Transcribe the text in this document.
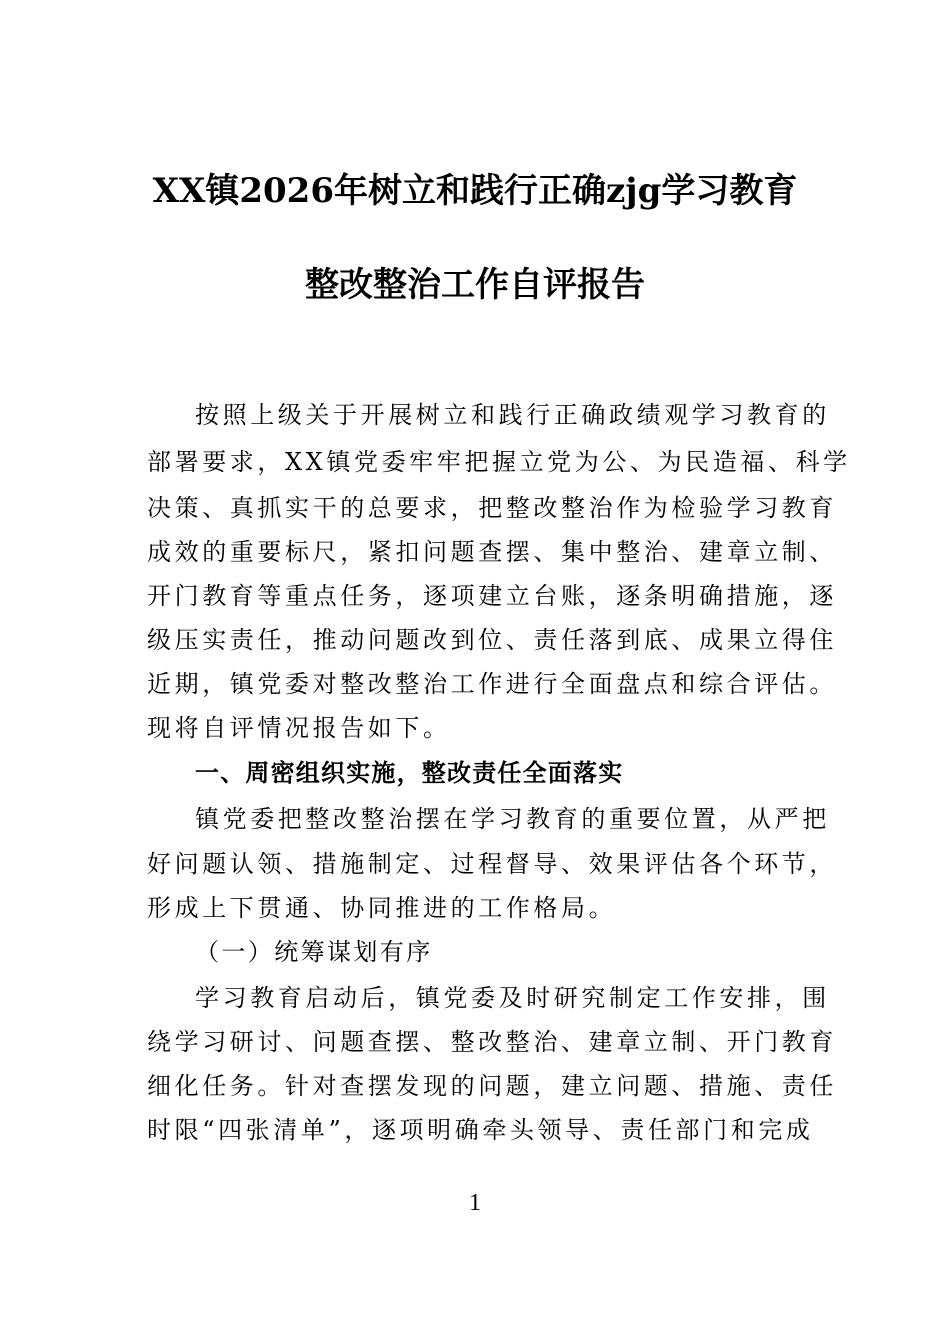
XX镇2026年树立和践行正确zjg学习教育
整改整治工作自评报告
按照上级关于开展树立和践行正确政绩观学习教育的
部署要求，XX镇党委牢牢把握立党为公、为民造福、科学
决策、真抓实干的总要求，把整改整治作为检验学习教育
成效的重要标尺，紧扣问题查摆、集中整治、建章立制、
开门教育等重点任务，逐项建立台账，逐条明确措施，逐
级压实责任，推动问题改到位、责任落到底、成果立得住
近期，镇党委对整改整治工作进行全面盘点和综合评估。
现将自评情况报告如下。
一、周密组织实施，整改责任全面落实
镇党委把整改整治摆在学习教育的重要位置，从严把
好问题认领、措施制定、过程督导、效果评估各个环节，
形成上下贯通、协同推进的工作格局。
（一）统筹谋划有序
学习教育启动后，镇党委及时研究制定工作安排，围
绕学习研讨、问题查摆、整改整治、建章立制、开门教育
细化任务。针对查摆发现的问题，建立问题、措施、责任
时限“四张清单”，逐项明确牵头领导、责任部门和完成
1
